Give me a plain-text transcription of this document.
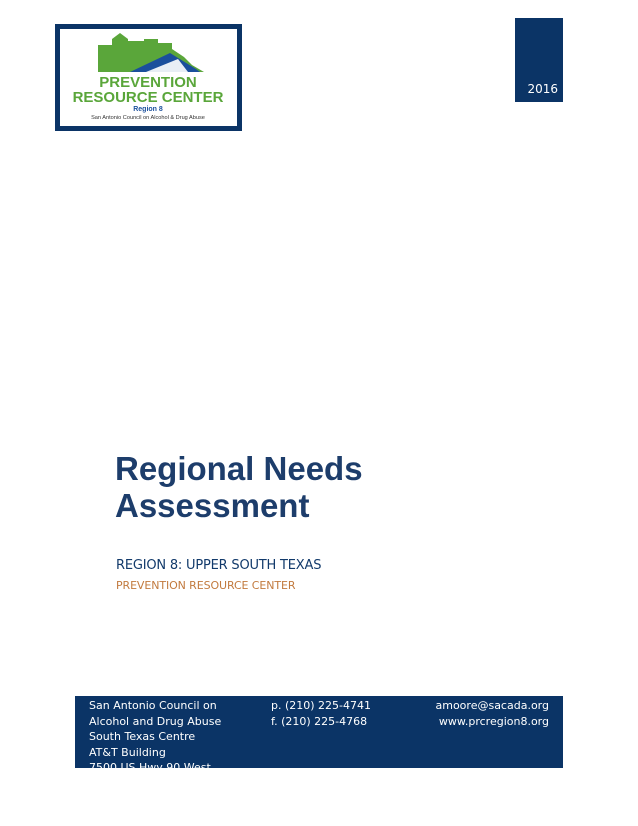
PREVENTION
RESOURCE CENTER
Region 8
San Antonio Council on Alcohol & Drug Abuse
2016
Regional Needs Assessment
REGION 8: UPPER SOUTH TEXAS
PREVENTION RESOURCE CENTER
San Antonio Council on
Alcohol and Drug Abuse
South Texas Centre
AT&T Building
7500 US Hwy 90 West,
p. (210) 225-4741
f. (210) 225-4768
amoore@sacada.org
www.prcregion8.org
